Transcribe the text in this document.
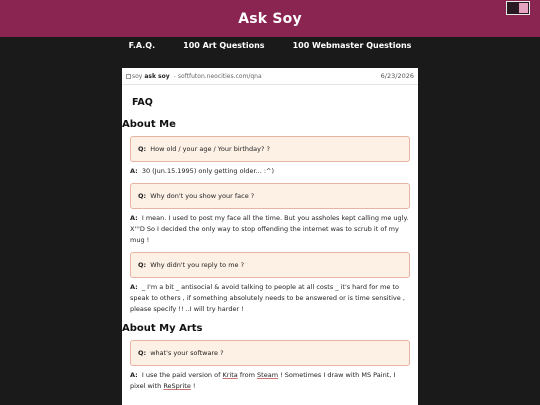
Ask Soy
F.A.Q.	100 Art Questions	100 Webmaster Questions
soy ask soy - softfuton.neocities.com/qna	6/23/2026
FAQ
About Me
Q: How old / your age / Your birthday? ?
A: 30 (Jun.15.1995) only getting older... :^)
Q: Why don't you show your face ?
A: I mean. I used to post my face all the time. But you assholes kept calling me ugly. X'''D So I decided the only way to stop offending the internet was to scrub it of my mug !
Q: Why didn't you reply to me ?
A: _ I'm a bit _ antisocial & avoid talking to people at all costs _ it's hard for me to speak to others , if something absolutely needs to be answered or is time sensitive , please specify !! ..I will try harder !
About My Arts
Q: what's your software ?
A: I use the paid version of Krita from Steam ! Sometimes I draw with MS Paint, I pixel with ReSprite !
